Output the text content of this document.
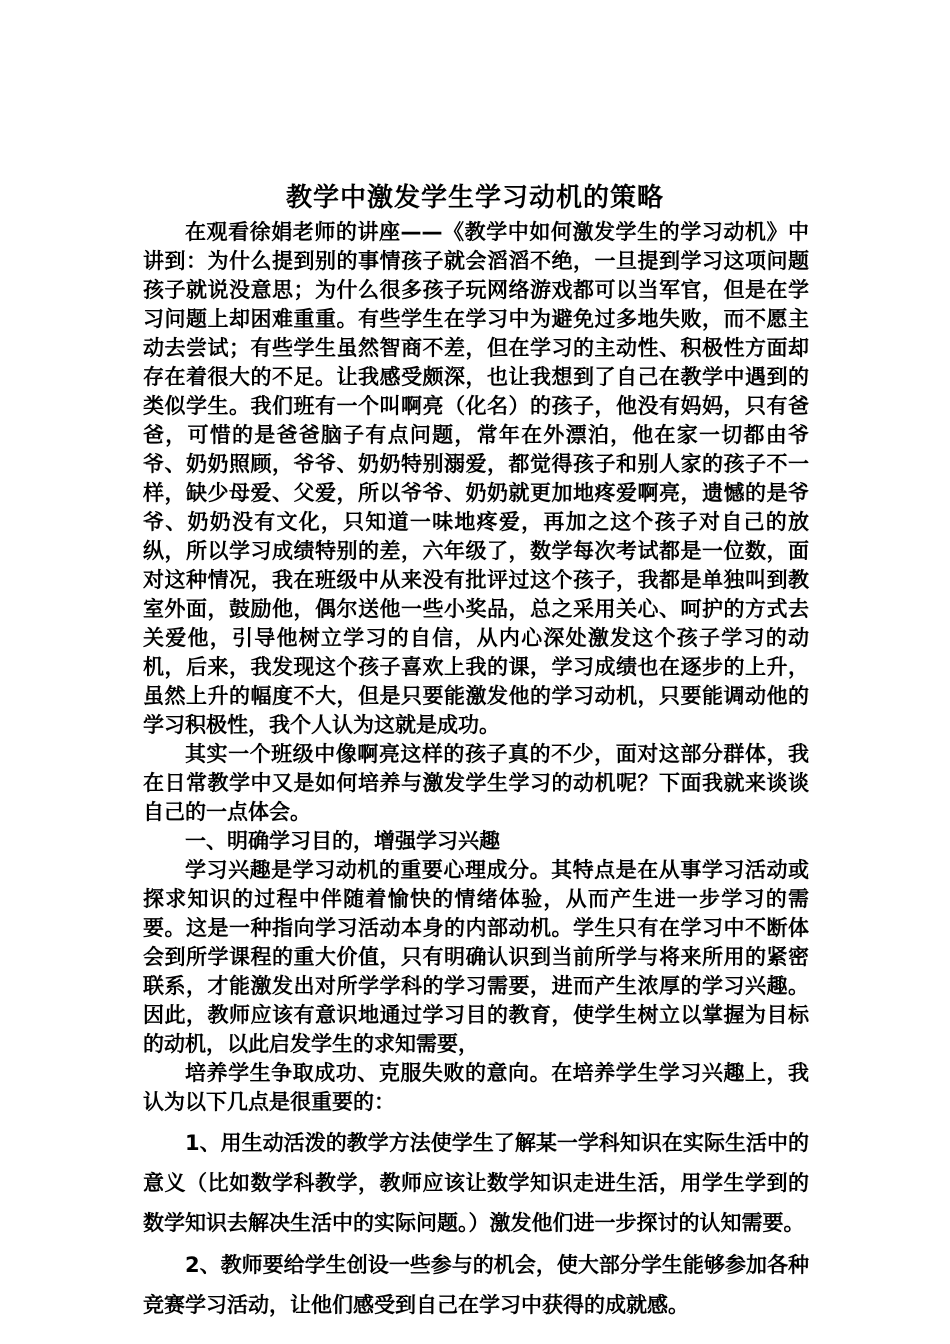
教学中激发学生学习动机的策略

在观看徐娟老师的讲座——《教学中如何激发学生的学习动机》中讲到：为什么提到别的事情孩子就会滔滔不绝，一旦提到学习这项问题孩子就说没意思；为什么很多孩子玩网络游戏都可以当军官，但是在学习问题上却困难重重。有些学生在学习中为避免过多地失败，而不愿主动去尝试；有些学生虽然智商不差，但在学习的主动性、积极性方面却存在着很大的不足。让我感受颇深，也让我想到了自己在教学中遇到的类似学生。我们班有一个叫啊亮（化名）的孩子，他没有妈妈，只有爸爸，可惜的是爸爸脑子有点问题，常年在外漂泊，他在家一切都由爷爷、奶奶照顾，爷爷、奶奶特别溺爱，都觉得孩子和别人家的孩子不一样，缺少母爱、父爱，所以爷爷、奶奶就更加地疼爱啊亮，遗憾的是爷爷、奶奶没有文化，只知道一味地疼爱，再加之这个孩子对自己的放纵，所以学习成绩特别的差，六年级了，数学每次考试都是一位数，面对这种情况，我在班级中从来没有批评过这个孩子，我都是单独叫到教室外面，鼓励他，偶尔送他一些小奖品，总之采用关心、呵护的方式去关爱他，引导他树立学习的自信，从内心深处激发这个孩子学习的动机，后来，我发现这个孩子喜欢上我的课，学习成绩也在逐步的上升，虽然上升的幅度不大，但是只要能激发他的学习动机，只要能调动他的学习积极性，我个人认为这就是成功。

其实一个班级中像啊亮这样的孩子真的不少，面对这部分群体，我在日常教学中又是如何培养与激发学生学习的动机呢？下面我就来谈谈自己的一点体会。

一、明确学习目的，增强学习兴趣

学习兴趣是学习动机的重要心理成分。其特点是在从事学习活动或探求知识的过程中伴随着愉快的情绪体验，从而产生进一步学习的需要。这是一种指向学习活动本身的内部动机。学生只有在学习中不断体会到所学课程的重大价值，只有明确认识到当前所学与将来所用的紧密联系，才能激发出对所学学科的学习需要，进而产生浓厚的学习兴趣。因此，教师应该有意识地通过学习目的教育，使学生树立以掌握为目标的动机，以此启发学生的求知需要，

培养学生争取成功、克服失败的意向。在培养学生学习兴趣上，我认为以下几点是很重要的：

1、用生动活泼的教学方法使学生了解某一学科知识在实际生活中的意义（比如数学科教学，教师应该让数学知识走进生活，用学生学到的数学知识去解决生活中的实际问题。）激发他们进一步探讨的认知需要。

2、教师要给学生创设一些参与的机会，使大部分学生能够参加各种竞赛学习活动，让他们感受到自己在学习中获得的成就感。
